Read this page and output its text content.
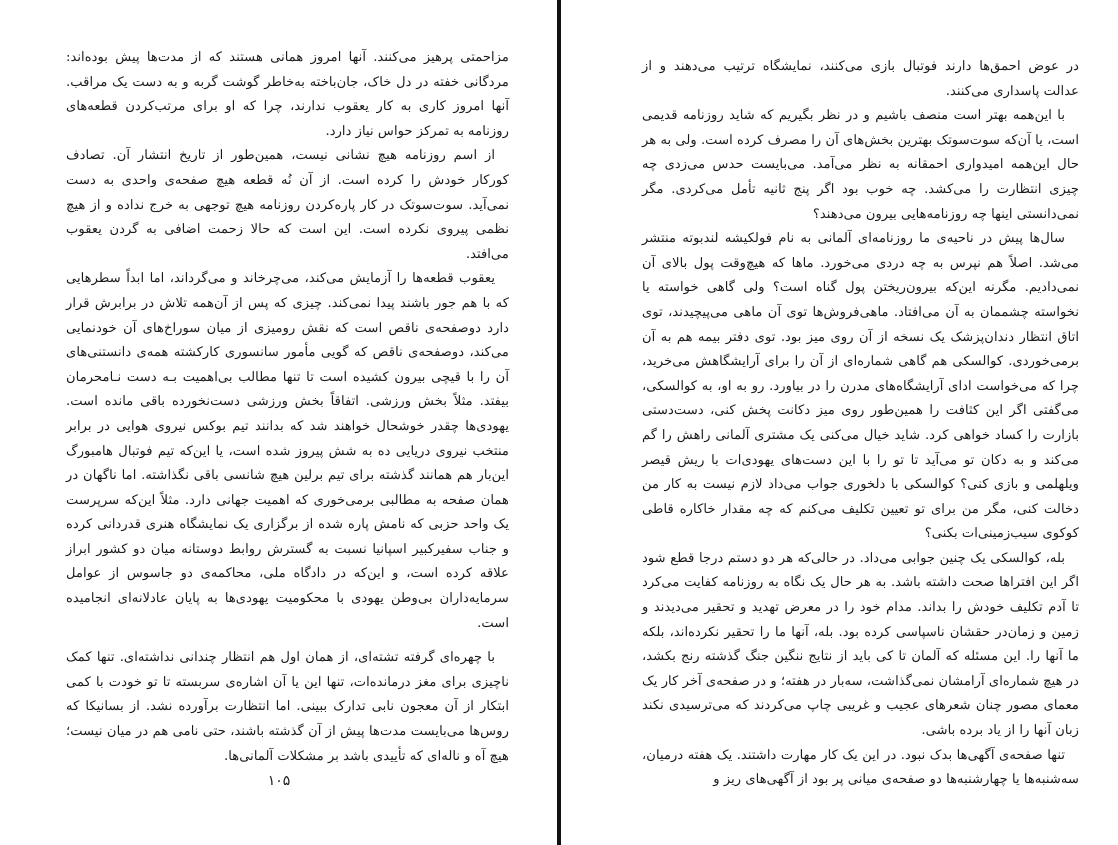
مزاحمتی پرهیز می‌کنند. آنها امروز همانی هستند که از مدت‌ها پیش بوده‌اند: مردگانی خفته در دل خاک، جان‌باخته به‌خاطر گوشت گربه و به دست یک مراقب. آنها امروز کاری به کار یعقوب ندارند، چرا که او برای مرتب‌کردن قطعه‌های روزنامه به تمرکز حواس نیاز دارد.

از اسم روزنامه هیچ نشانی نیست، همین‌طور از تاریخ انتشار آن. تصادف کورکار خودش را کرده است. از آن نُه قطعه هیچ صفحه‌ی واحدی به دست نمی‌آید. سوت‌سوتک در کار پاره‌کردن روزنامه هیچ توجهی به خرج نداده و از هیچ نظمی پیروی نکرده است. این است که حالا زحمت اضافی به گردن یعقوب می‌افتد.

یعقوب قطعه‌ها را آزمایش می‌کند، می‌چرخاند و می‌گرداند، اما ابداً سطرهایی که با هم جور باشند پیدا نمی‌کند. چیزی که پس از آن‌همه تلاش در برابرش قرار دارد دوصفحه‌ی ناقص است که نقش رومیزی از میان سوراخ‌های آن خودنمایی می‌کند، دوصفحه‌ی ناقص که گویی مأمور سانسوری کارکشته همه‌ی دانستنی‌های آن را با قیچی بیرون کشیده است تا تنها مطالب بی‌اهمیت بـه دست نـامحرمان بیفتد. مثلاً بخش ورزشی. اتفاقاً بخش ورزشی دست‌نخورده باقی مانده است. یهودی‌ها چقدر خوشحال خواهند شد که بدانند تیم بوکس نیروی هوایی در برابر منتخب نیروی دریایی ده به شش پیروز شده است، یا این‌که تیم فوتبال هامبورگ این‌بار هم همانند گذشته برای تیم برلین هیچ شانسی باقی نگذاشته. اما ناگهان در همان صفحه به مطالبی برمی‌خوری که اهمیت جهانی دارد. مثلاً این‌که سرپرست یک واحد حزبی که نامش پاره شده از برگزاری یک نمایشگاه هنری قدردانی کرده و جناب سفیرکبیر اسپانیا نسبت به گسترش روابط دوستانه میان دو کشور ابراز علاقه کرده است، و این‌که در دادگاه ملی، محاکمه‌ی دو جاسوس از عوامل سرمایه‌داران بی‌وطن یهودی با محکومیت یهودی‌ها به پایان عادلانه‌ای انجامیده است.

با چهره‌ای گرفته تشته‌ای، از همان اول هم انتظار چندانی نداشته‌ای. تنها کمک ناچیزی برای مغز درمانده‌ات، تنها این یا آن اشاره‌ی سربسته تا تو خودت با کمی ابتکار از آن معجون نابی تدارک ببینی. اما انتظارت برآورده نشد. از بسانیکا که روس‌ها می‌بایست مدت‌ها پیش از آن گذشته باشند، حتی نامی هم در میان نیست؛ هیچ آه و ناله‌ای که تأییدی باشد بر مشکلات آلمانی‌ها.

۱۰۵

در عوض احمق‌ها دارند فوتبال بازی می‌کنند، نمایشگاه ترتیب می‌دهند و از عدالت پاسداری می‌کنند.

با این‌همه بهتر است منصف باشیم و در نظر بگیریم که شاید روزنامه قدیمی است، یا آن‌که سوت‌سوتک بهترین بخش‌های آن را مصرف کرده است. ولی به هر حال این‌همه امیدواری احمقانه به نظر می‌آمد. می‌بایست حدس می‌زدی چه چیزی انتظارت را می‌کشد. چه خوب بود اگر پنج ثانیه تأمل می‌کردی. مگر نمی‌دانستی اینها چه روزنامه‌هایی بیرون می‌دهند؟

سال‌ها پیش در ناحیه‌ی ما روزنامه‌ای آلمانی به نام فولکیشه لندبوته منتشر می‌شد. اصلاً هم نپرس به چه دردی می‌خورد. ماها که هیچ‌وقت پول بالای آن نمی‌دادیم. مگرنه این‌که بیرون‌ریختن پول گناه است؟ ولی گاهی خواسته یا نخواسته چشممان به آن می‌افتاد. ماهی‌فروش‌ها توی آن ماهی می‌پیچیدند، توی اتاق انتظار دندان‌پزشک یک نسخه از آن روی میز بود. توی دفتر بیمه هم به آن برمی‌خوردی. کوالسکی هم گاهی شماره‌ای از آن را برای آرایشگاهش می‌خرید، چرا که می‌خواست ادای آرایشگاه‌های مدرن را در بیاورد. رو به او، به کوالسکی، می‌گفتی اگر این کثافت را همین‌طور روی میز دکانت پخش کنی، دست‌دستی بازارت را کساد خواهی کرد. شاید خیال می‌کنی یک مشتری آلمانی راهش را گم می‌کند و به دکان تو می‌آید تا تو را با این دست‌های یهودی‌ات با ریش قیصر ویلهلمی و بازی کنی؟ کوالسکی با دلخوری جواب می‌داد لازم نیست به کار من دخالت کنی، مگر من برای تو تعیین تکلیف می‌کنم که چه مقدار خاکاره قاطی کوکوی سیب‌زمینی‌ات بکنی؟

بله، کوالسکی یک چنین جوابی می‌داد. در حالی‌که هر دو دستم درجا قطع شود اگر این افتراها صحت داشته باشد. به هر حال یک نگاه به روزنامه کفایت می‌کرد تا آدم تکلیف خودش را بداند. مدام خود را در معرض تهدید و تحقیر می‌دیدند و زمین و زمان‌در حقشان ناسپاسی کرده بود. بله، آنها ما را تحقیر نکرده‌اند، بلکه ما آنها را. این مسئله که آلمان تا کی باید از نتایج ننگین جنگ گذشته رنج بکشد، در هیچ شماره‌ای آرامشان نمی‌گذاشت، سه‌بار در هفته؛ و در صفحه‌ی آخر کار یک معمای مصور چنان شعرهای عجیب و غریبی چاپ می‌کردند که می‌ترسیدی نکند زبان آنها را از یاد برده باشی.

تنها صفحه‌ی آگهی‌ها بدک نبود. در این یک کار مهارت داشتند. یک هفته درمیان، سه‌شنبه‌ها یا چهارشنبه‌ها دو صفحه‌ی میانی پر بود از آگهی‌های ریز و
